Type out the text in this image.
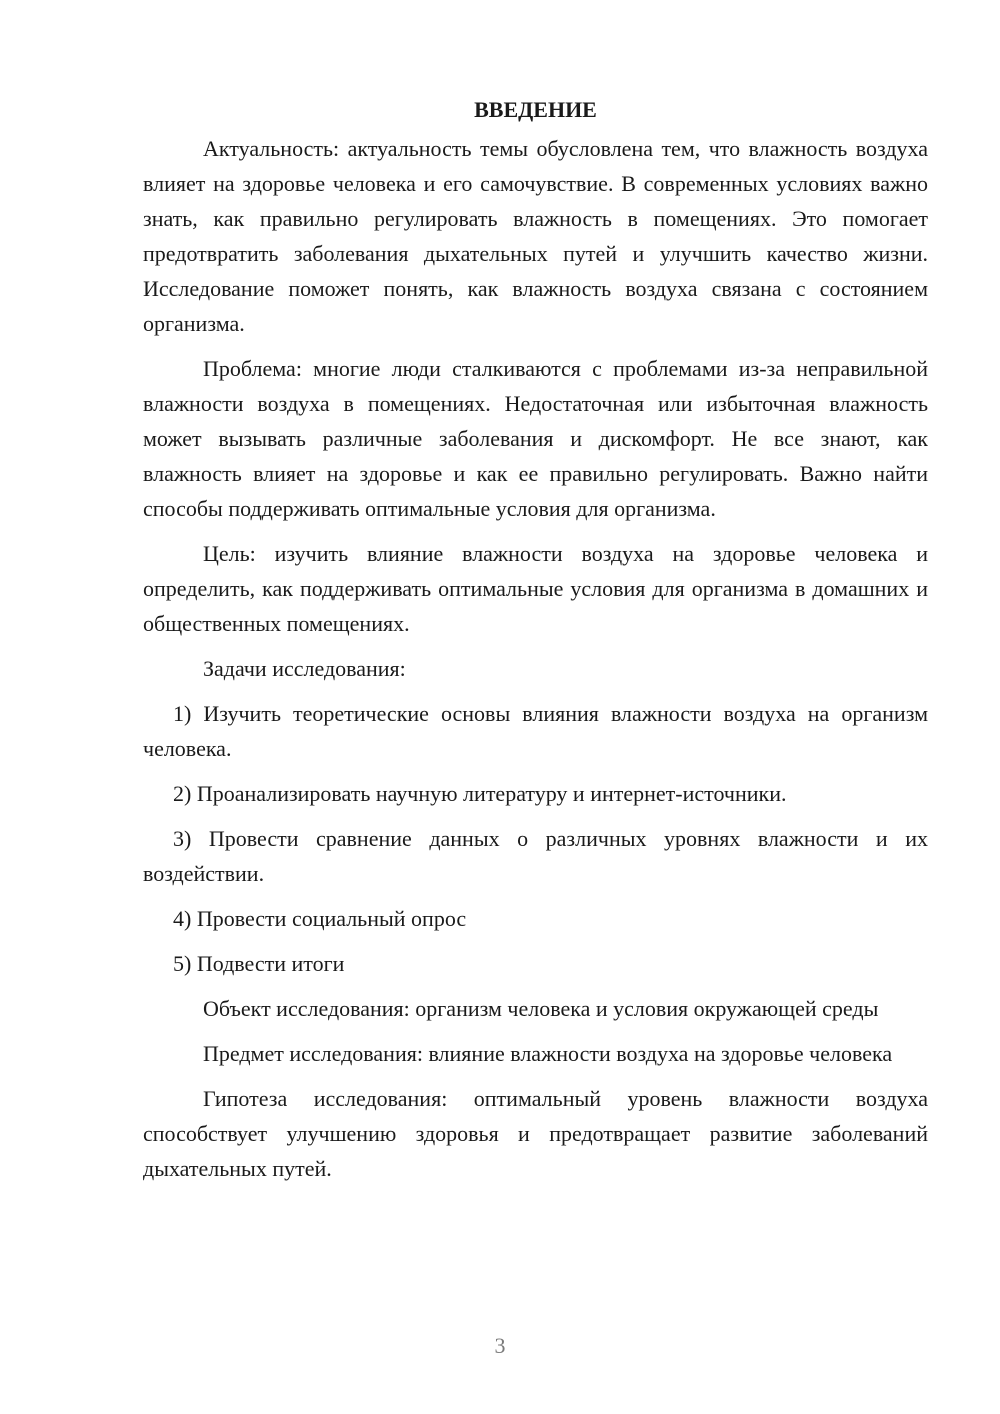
ВВЕДЕНИЕ

Актуальность: актуальность темы обусловлена тем, что влажность воздуха влияет на здоровье человека и его самочувствие. В современных условиях важно знать, как правильно регулировать влажность в помещениях. Это помогает предотвратить заболевания дыхательных путей и улучшить качество жизни. Исследование поможет понять, как влажность воздуха связана с состоянием организма.

Проблема: многие люди сталкиваются с проблемами из-за неправильной влажности воздуха в помещениях. Недостаточная или избыточная влажность может вызывать различные заболевания и дискомфорт. Не все знают, как влажность влияет на здоровье и как ее правильно регулировать. Важно найти способы поддерживать оптимальные условия для организма.

Цель: изучить влияние влажности воздуха на здоровье человека и определить, как поддерживать оптимальные условия для организма в домашних и общественных помещениях.

Задачи исследования:

1) Изучить теоретические основы влияния влажности воздуха на организм человека.

2) Проанализировать научную литературу и интернет-источники.

3) Провести сравнение данных о различных уровнях влажности и их воздействии.

4) Провести социальный опрос

5) Подвести итоги

Объект исследования: организм человека и условия окружающей среды

Предмет исследования: влияние влажности воздуха на здоровье человека

Гипотеза исследования: оптимальный уровень влажности воздуха способствует улучшению здоровья и предотвращает развитие заболеваний дыхательных путей.

3
